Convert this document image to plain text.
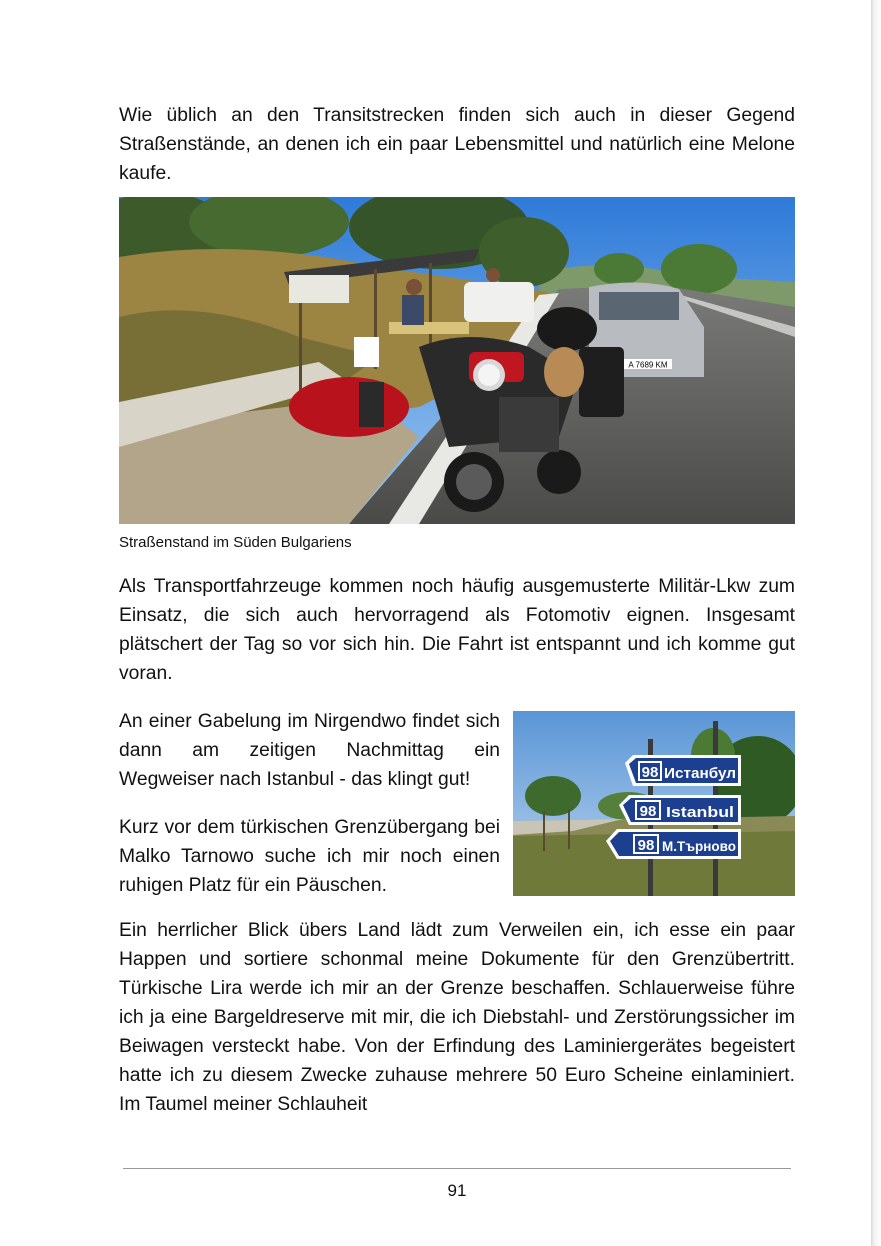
Wie üblich an den Transitstrecken finden sich auch in dieser Gegend Straßenstände, an denen ich ein paar Lebensmittel und natürlich eine Melone kaufe.

A 7689 KM

Straßenstand im Süden Bulgariens

Als Transportfahrzeuge kommen noch häufig ausgemusterte Militär-Lkw zum Einsatz, die sich auch hervorragend als Fotomotiv eignen. Insgesamt plätschert der Tag so vor sich hin. Die Fahrt ist entspannt und ich komme gut voran.

An einer Gabelung im Nirgendwo findet sich dann am zeitigen Nachmittag ein Wegweiser nach Istanbul - das klingt gut!	98 Истанбул
98 Istanbul
98 М.Търново

Kurz vor dem türkischen Grenzübergang bei Malko Tarnowo suche ich mir noch einen ruhigen Platz für ein Päuschen.

Ein herrlicher Blick übers Land lädt zum Verweilen ein, ich esse ein paar Happen und sortiere schonmal meine Dokumente für den Grenzübertritt. Türkische Lira werde ich mir an der Grenze beschaffen. Schlauerweise führe ich ja eine Bargeldreserve mit mir, die ich Diebstahl- und Zerstörungssicher im Beiwagen versteckt habe. Von der Erfindung des Laminiergerätes begeistert hatte ich zu diesem Zwecke zuhause mehrere 50 Euro Scheine einlaminiert. Im Taumel meiner Schlauheit

91
